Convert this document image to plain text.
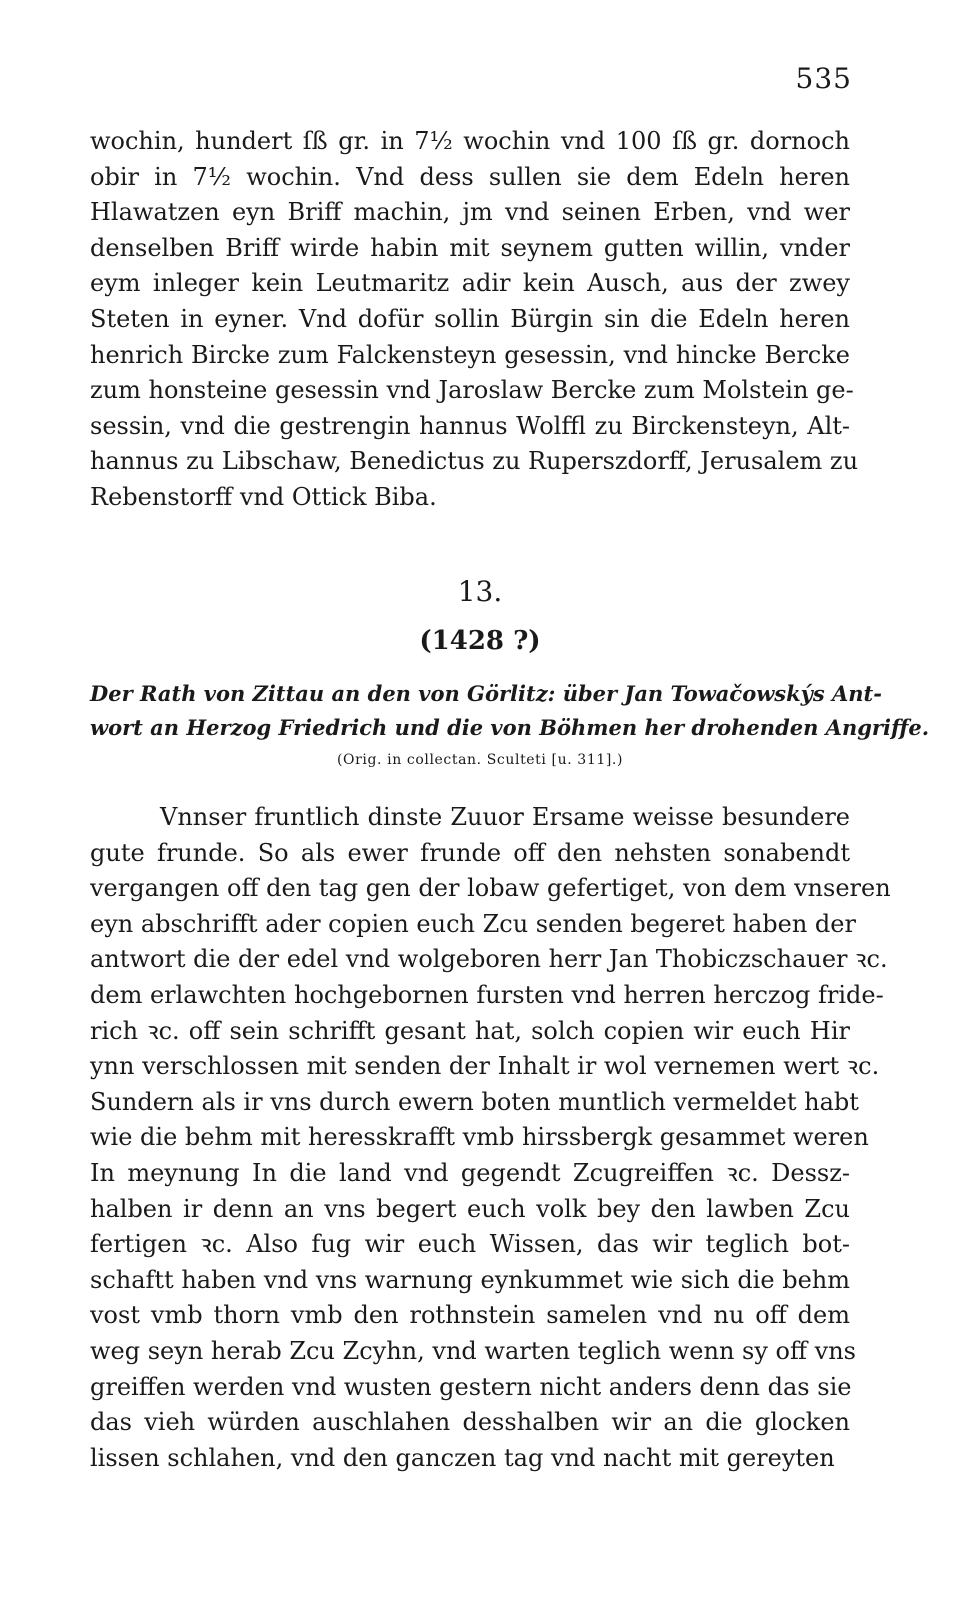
535
wochin, hundert ſß gr. in 7½ wochin vnd 100 ſß gr. dornoch
obir in 7½ wochin. Vnd dess sullen sie dem Edeln heren
Hlawatzen eyn Briff machin, jm vnd seinen Erben, vnd wer
denselben Briff wirde habin mit seynem gutten willin, vnder
eym inleger kein Leutmaritz adir kein Ausch, aus der zwey
Steten in eyner. Vnd dofür sollin Bürgin sin die Edeln heren
henrich Bircke zum Falckensteyn gesessin, vnd hincke Bercke
zum honsteine gesessin vnd Jaroslaw Bercke zum Molstein ge-
sessin, vnd die gestrengin hannus Wolffl zu Birckensteyn, Alt-
hannus zu Libschaw, Benedictus zu Ruperszdorff, Jerusalem zu
Rebenstorff vnd Ottick Biba.
13.
(1428 ?)
Der Rath von Zittau an den von Görlitz: über Jan Towačowskýs Ant-
wort an Herzog Friedrich und die von Böhmen her drohenden Angriffe.
(Orig. in collectan. Sculteti [u. 311].)
Vnnser fruntlich dinste Zuuor Ersame weisse besundere
gute frunde. So als ewer frunde off den nehsten sonabendt
vergangen off den tag gen der lobaw gefertiget, von dem vnseren
eyn abschrifft ader copien euch Zcu senden begeret haben der
antwort die der edel vnd wolgeboren herr Jan Thobiczschauer ꝛc.
dem erlawchten hochgebornen fursten vnd herren herczog fride-
rich ꝛc. off sein schrifft gesant hat, solch copien wir euch Hir
ynn verschlossen mit senden der Inhalt ir wol vernemen wert ꝛc.
Sundern als ir vns durch ewern boten muntlich vermeldet habt
wie die behm mit heresskrafft vmb hirssbergk gesammet weren
In meynung In die land vnd gegendt Zcugreiffen ꝛc. Dessz-
halben ir denn an vns begert euch volk bey den lawben Zcu
fertigen ꝛc. Also fug wir euch Wissen, das wir teglich bot-
schaftt haben vnd vns warnung eynkummet wie sich die behm
vost vmb thorn vmb den rothnstein samelen vnd nu off dem
weg seyn herab Zcu Zcyhn, vnd warten teglich wenn sy off vns
greiffen werden vnd wusten gestern nicht anders denn das sie
das vieh würden auschlahen desshalben wir an die glocken
lissen schlahen, vnd den ganczen tag vnd nacht mit gereyten
